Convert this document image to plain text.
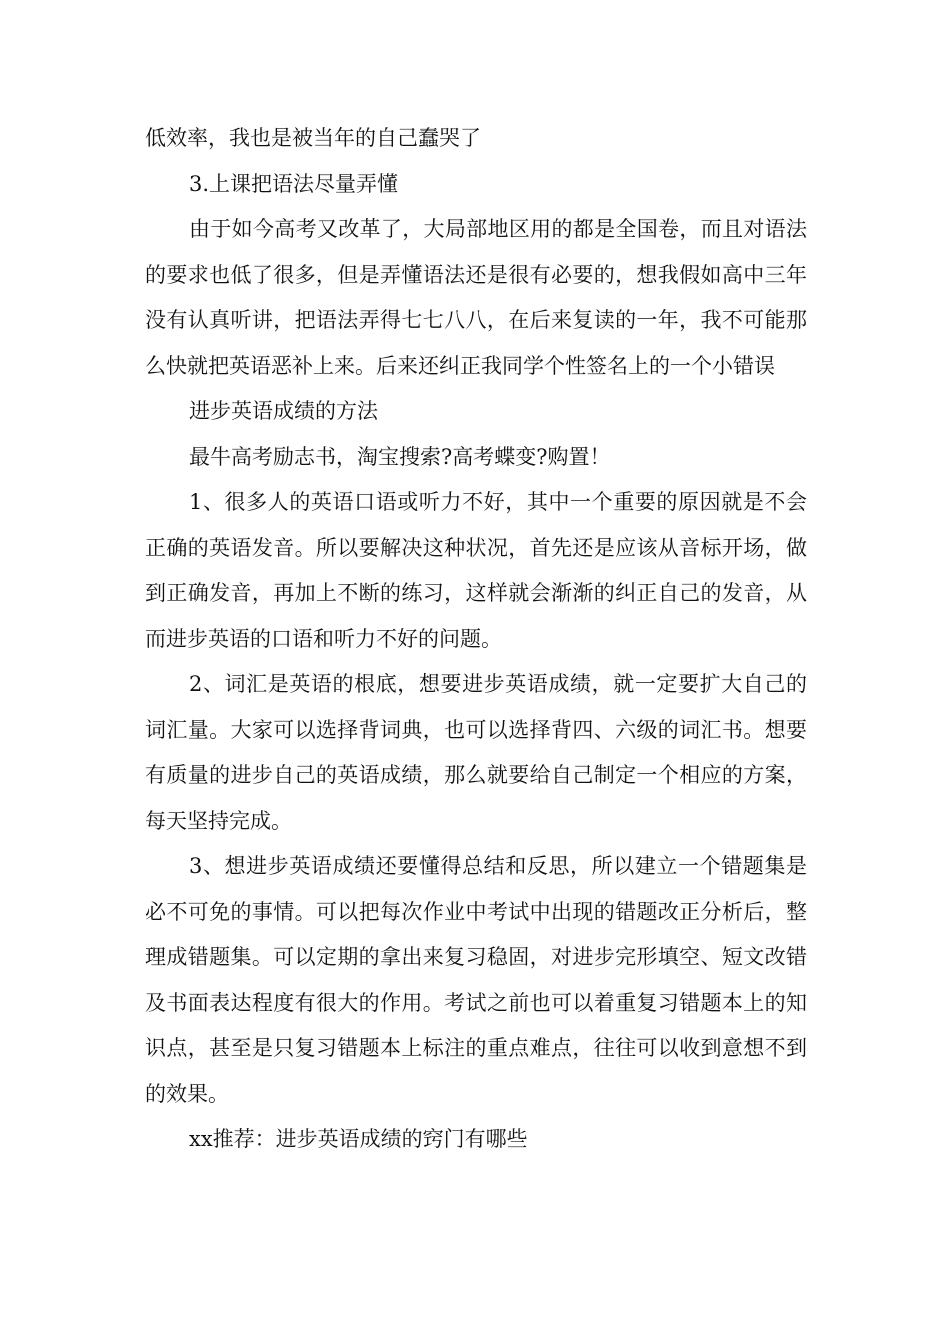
低效率，我也是被当年的自己蠢哭了

3.上课把语法尽量弄懂

由于如今高考又改革了，大局部地区用的都是全国卷，而且对语法的要求也低了很多，但是弄懂语法还是很有必要的，想我假如高中三年没有认真听讲，把语法弄得七七八八，在后来复读的一年，我不可能那么快就把英语恶补上来。后来还纠正我同学个性签名上的一个小错误

进步英语成绩的方法

最牛高考励志书，淘宝搜索?高考蝶变?购置！

1、很多人的英语口语或听力不好，其中一个重要的原因就是不会正确的英语发音。所以要解决这种状况，首先还是应该从音标开场，做到正确发音，再加上不断的练习，这样就会渐渐的纠正自己的发音，从而进步英语的口语和听力不好的问题。

2、词汇是英语的根底，想要进步英语成绩，就一定要扩大自己的词汇量。大家可以选择背词典，也可以选择背四、六级的词汇书。想要有质量的进步自己的英语成绩，那么就要给自己制定一个相应的方案，每天坚持完成。

3、想进步英语成绩还要懂得总结和反思，所以建立一个错题集是必不可免的事情。可以把每次作业中考试中出现的错题改正分析后，整理成错题集。可以定期的拿出来复习稳固，对进步完形填空、短文改错及书面表达程度有很大的作用。考试之前也可以着重复习错题本上的知识点，甚至是只复习错题本上标注的重点难点，往往可以收到意想不到的效果。

xx推荐：进步英语成绩的窍门有哪些
